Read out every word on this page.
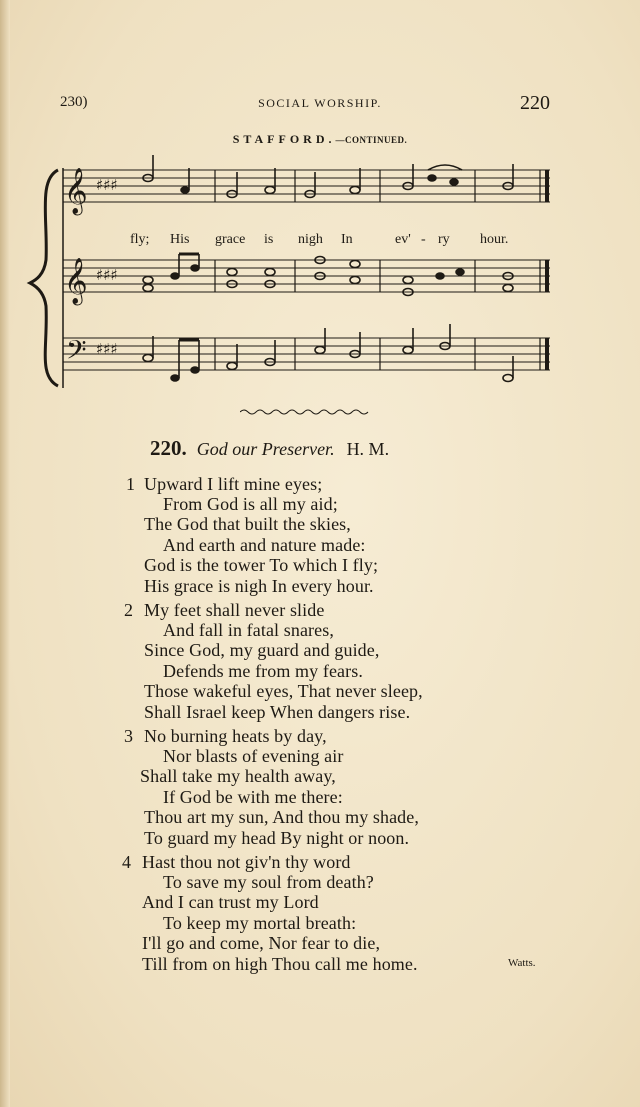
230)	SOCIAL WORSHIP.	220
STAFFORD.—CONTINUED.
𝄞
𝄞
𝄢
♯♯♯
♯♯♯
♯♯♯
fly; His grace is nigh In	ev' - ry hour.
220. God our Preserver. H. M.
1 Upward I lift mine eyes;
From God is all my aid;
The God that built the skies,
And earth and nature made:
God is the tower To which I fly;
His grace is nigh In every hour.
2 My feet shall never slide
And fall in fatal snares,
Since God, my guard and guide,
Defends me from my fears.
Those wakeful eyes, That never sleep,
Shall Israel keep When dangers rise.
3 No burning heats by day,
Nor blasts of evening air
Shall take my health away,
If God be with me there:
Thou art my sun, And thou my shade,
To guard my head By night or noon.
4 Hast thou not giv'n thy word
To save my soul from death?
And I can trust my Lord
To keep my mortal breath:
I'll go and come, Nor fear to die,
Till from on high Thou call me home.	Watts.
